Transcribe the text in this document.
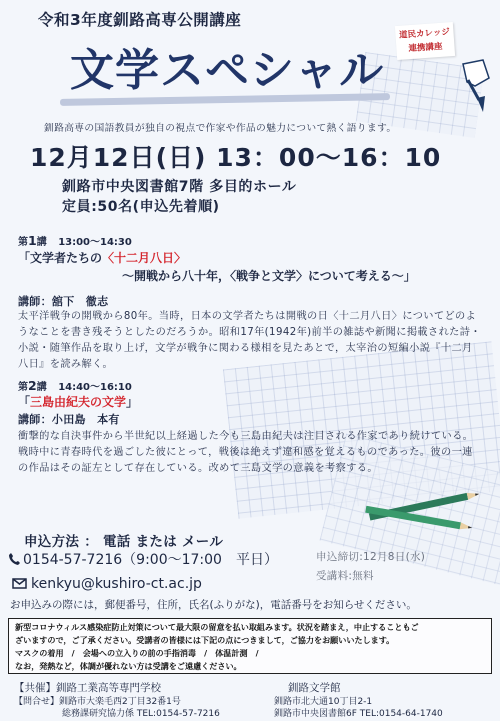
令和3年度釧路高専公開講座
文学スペシャル
道民カレッジ
連携講座
釧路高専の国語教員が独自の視点で作家や作品の魅力について熱く語ります。
12月12日(日) 13：00〜16：10
釧路市中央図書館7階 多目的ホール
定員:50名(申込先着順)
第1講 13:00〜14:30
「文学者たちの〈十二月八日〉
〜開戦から八十年，〈戦争と文学〉について考える〜」
講師：舘下　徹志
太平洋戦争の開戦から80年。当時，日本の文学者たちは開戦の日〈十二月八日〉についてどのようなことを書き残そうとしたのだろうか。昭和17年(1942年)前半の雑誌や新聞に掲載された詩・小説・随筆作品を取り上げ，文学が戦争に関わる様相を見たあとで，太宰治の短編小説『十二月八日』を読み解く。
第2講 14:40〜16:10
「三島由紀夫の文学」
講師：小田島　本有
衝撃的な自決事件から半世紀以上経過した今も三島由紀夫は注目される作家であり続けている。戦時中に青春時代を過ごした彼にとって，戦後は絶えず違和感を覚えるものであった。彼の一連の作品はその証左として存在している。改めて三島文学の意義を考察する。
申込方法 ： 電話 または メール
0154-57-7216（9:00〜17:00　平日）	申込締切:12月8日(水)
受講料:無料
kenkyu@kushiro-ct.ac.jp
お申込みの際には，郵便番号，住所，氏名(ふりがな)，電話番号をお知らせください。
新型コロナウィルス感染症防止対策について最大限の留意を払い取組みます。状況を踏まえ，中止することもご
ざいますので，ご了承ください。受講者の皆様には下記の点につきまして，ご協力をお願いいたします。
マスクの着用　/　会場への立入りの前の手指消毒　/　体温計測　/
なお，発熱など，体調が優れない方は受講をご遠慮ください。
【共催】釧路工業高等専門学校
【問合せ】釧路市大楽毛西2丁目32番1号
総務課研究協力係 TEL:0154-57-7216
釧路文学館
釧路市北大通10丁目2-1
釧路市中央図書館6F TEL:0154-64-1740
